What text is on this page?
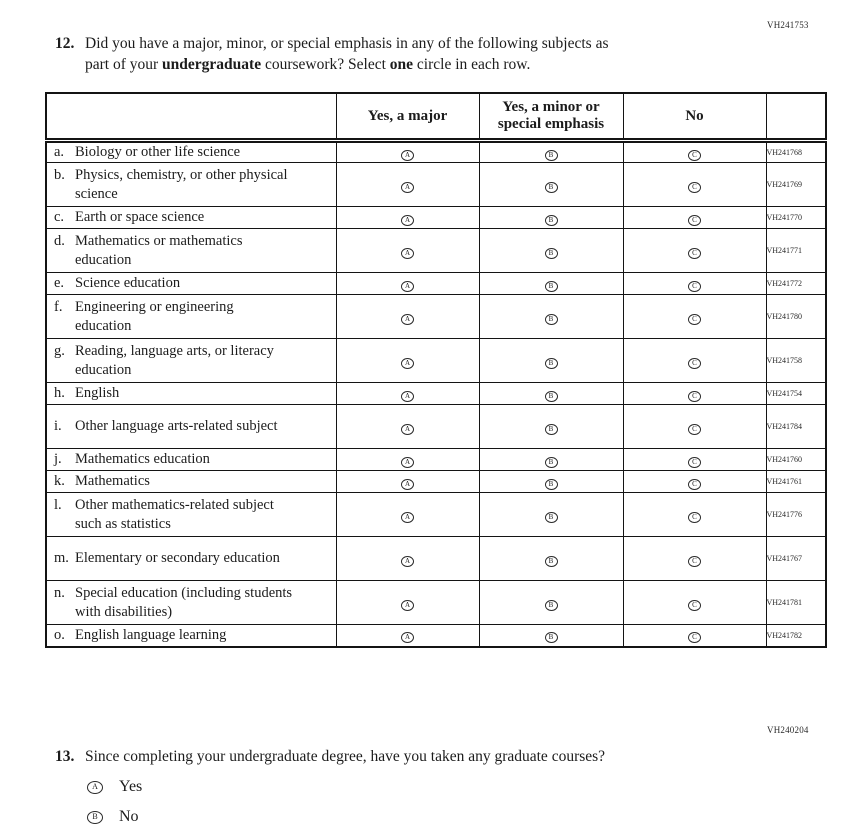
VH241753
12. Did you have a major, minor, or special emphasis in any of the following subjects as
part of your undergraduate coursework? Select one circle in each row.
	Yes, a major	Yes, a minor or special emphasis	No	

a. Biology or other life science	A	B	C	VH241768

b. Physics, chemistry, or other physical science	A	B	C	VH241769

c. Earth or space science	A	B	C	VH241770

d. Mathematics or mathematics education	A	B	C	VH241771

e. Science education	A	B	C	VH241772

f. Engineering or engineering education	A	B	C	VH241780

g. Reading, language arts, or literacy education	A	B	C	VH241758

h. English	A	B	C	VH241754

i. Other language arts-related subject	A	B	C	VH241784

j. Mathematics education	A	B	C	VH241760

k. Mathematics	A	B	C	VH241761

l. Other mathematics-related subject such as statistics	A	B	C	VH241776

m. Elementary or secondary education	A	B	C	VH241767

n. Special education (including students with disabilities)	A	B	C	VH241781

o. English language learning	A	B	C	VH241782
VH240204
13. Since completing your undergraduate degree, have you taken any graduate courses?
A	Yes
B	No
